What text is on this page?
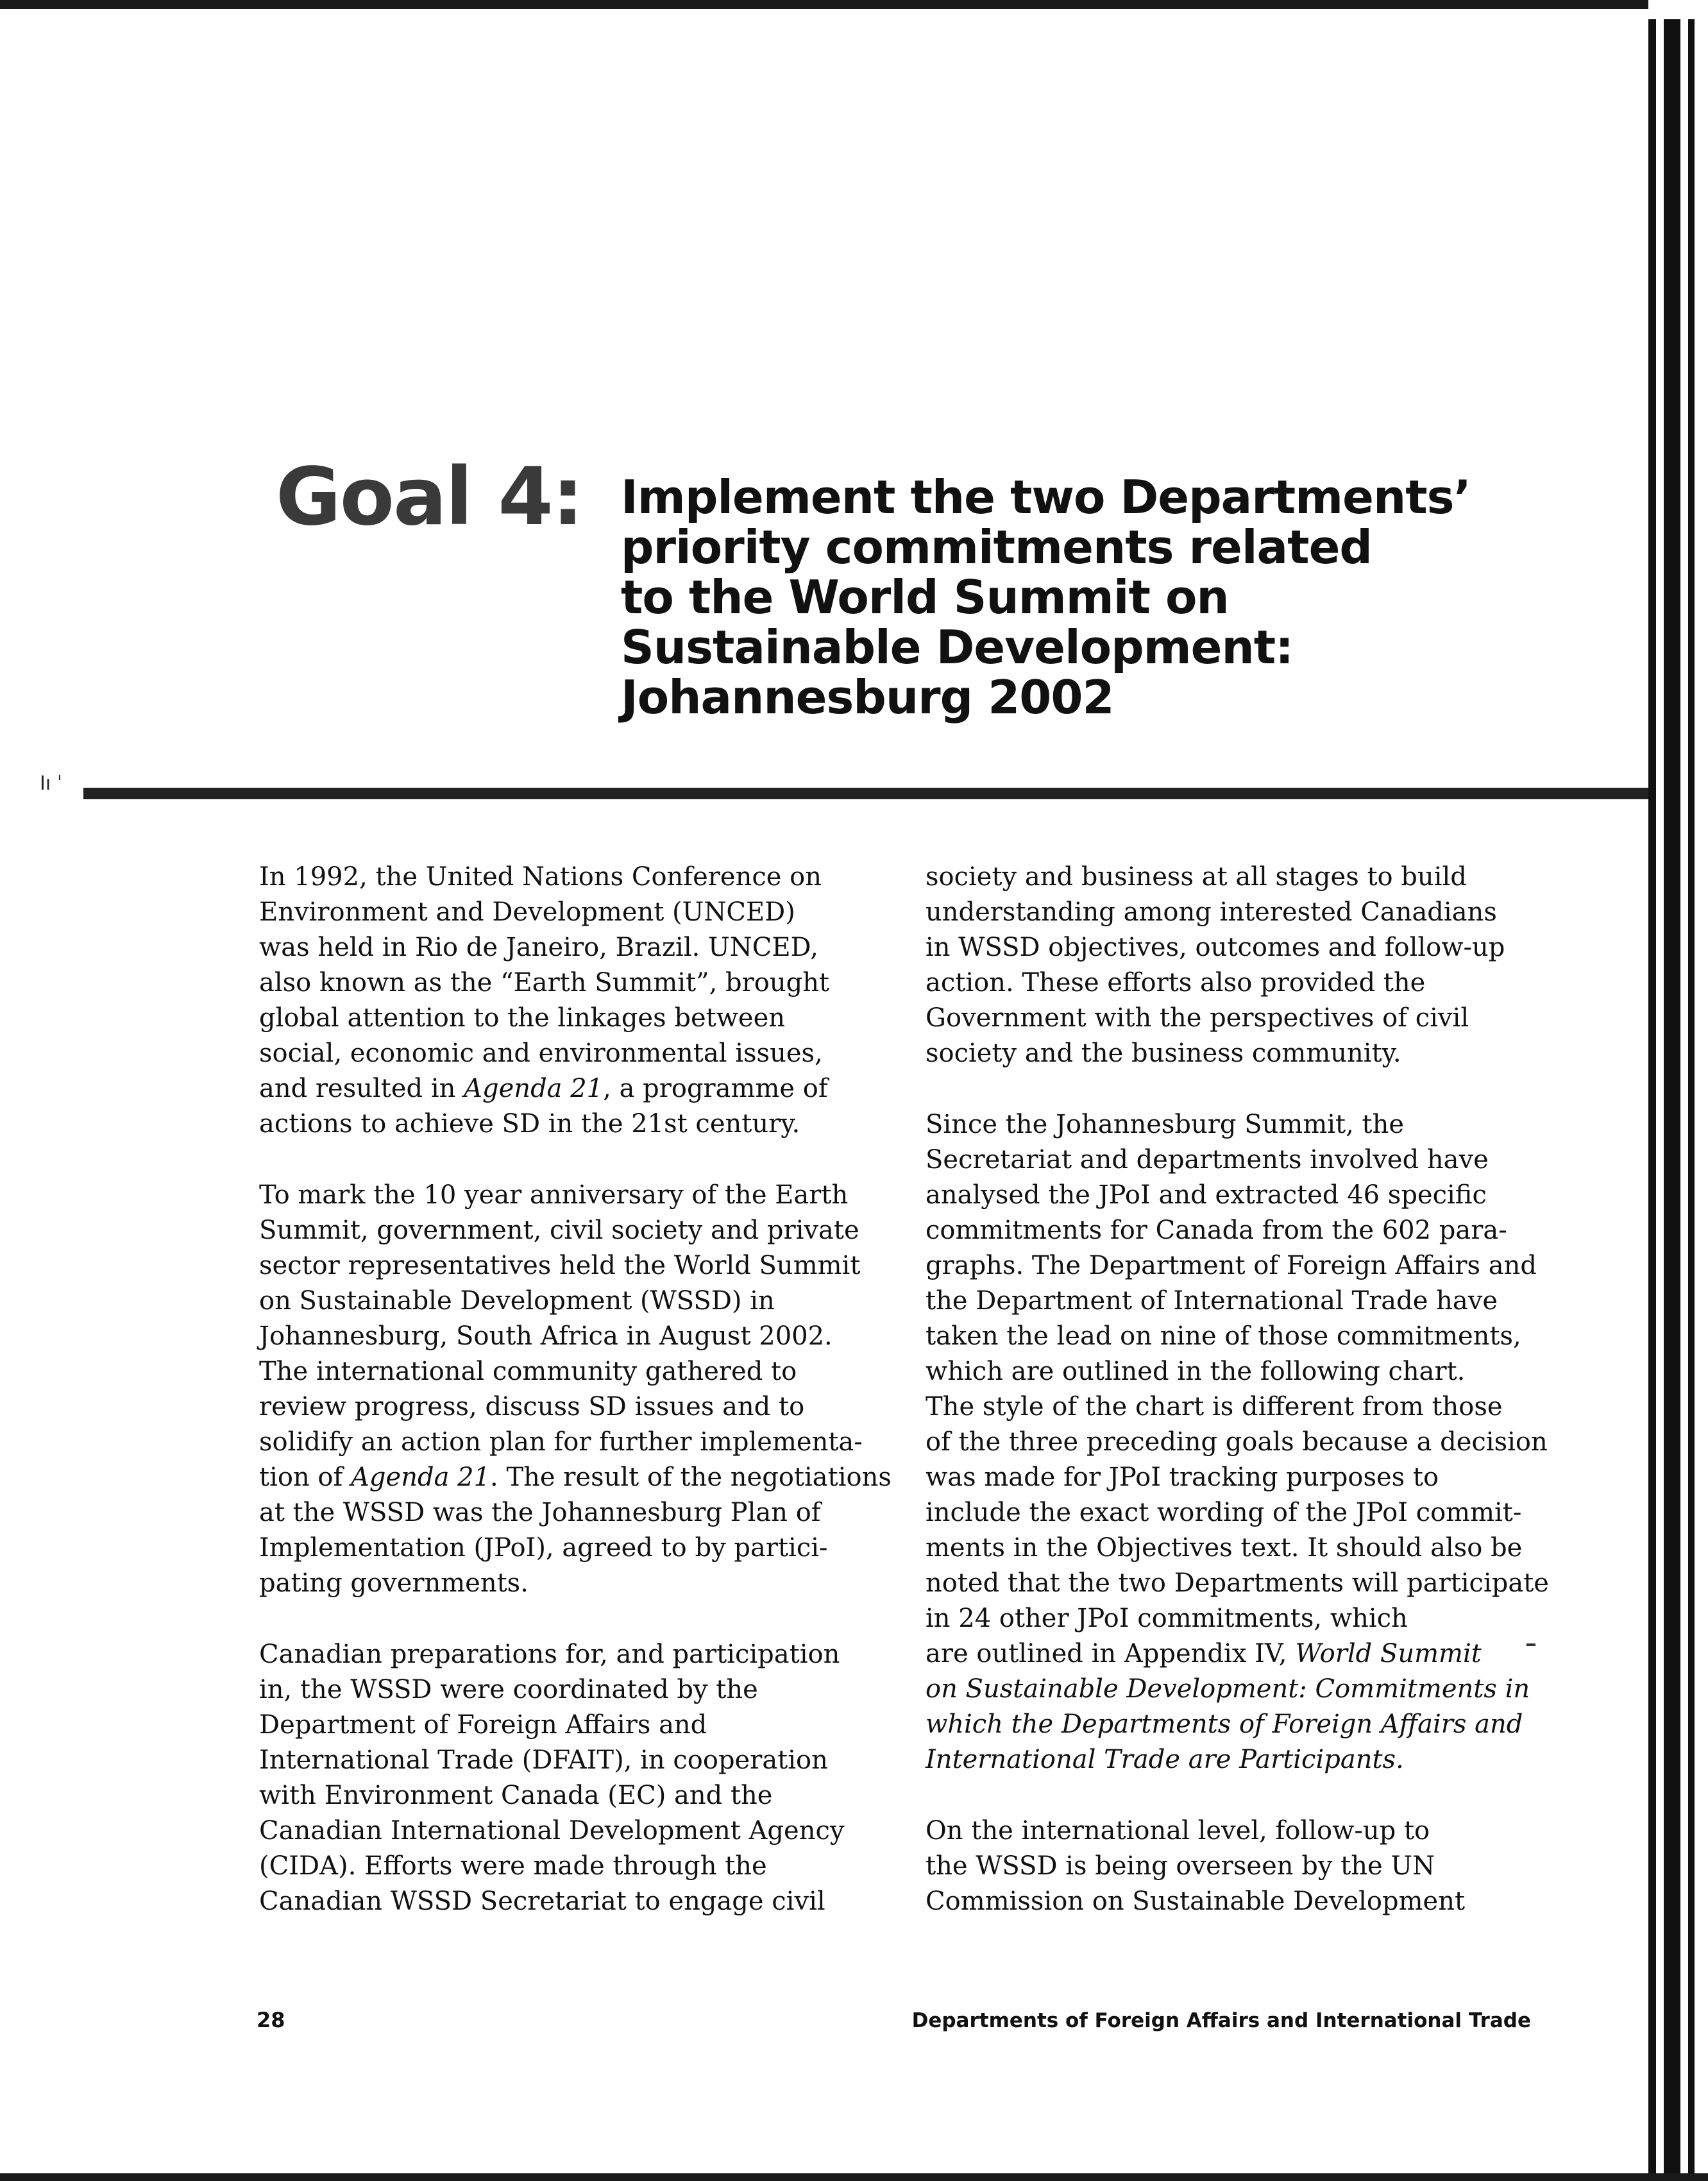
Goal 4: Implement the two Departments’
priority commitments related
to the World Summit on
Sustainable Development:
Johannesburg 2002
Iı ˈ

In 1992, the United Nations Conference on
Environment and Development (UNCED)
was held in Rio de Janeiro, Brazil. UNCED,
also known as the “Earth Summit”, brought
global attention to the linkages between
social, economic and environmental issues,
and resulted in Agenda 21, a programme of
actions to achieve SD in the 21st century.

To mark the 10 year anniversary of the Earth
Summit, government, civil society and private
sector representatives held the World Summit
on Sustainable Development (WSSD) in
Johannesburg, South Africa in August 2002.
The international community gathered to
review progress, discuss SD issues and to
solidify an action plan for further implementa-
tion of Agenda 21. The result of the negotiations
at the WSSD was the Johannesburg Plan of
Implementation (JPoI), agreed to by partici-
pating governments.

Canadian preparations for, and participation
in, the WSSD were coordinated by the
Department of Foreign Affairs and
International Trade (DFAIT), in cooperation
with Environment Canada (EC) and the
Canadian International Development Agency
(CIDA). Efforts were made through the
Canadian WSSD Secretariat to engage civil

society and business at all stages to build
understanding among interested Canadians
in WSSD objectives, outcomes and follow-up
action. These efforts also provided the
Government with the perspectives of civil
society and the business community.

Since the Johannesburg Summit, the
Secretariat and departments involved have
analysed the JPoI and extracted 46 specific
commitments for Canada from the 602 para-
graphs. The Department of Foreign Affairs and
the Department of International Trade have
taken the lead on nine of those commitments,
which are outlined in the following chart.
The style of the chart is different from those
of the three preceding goals because a decision
was made for JPoI tracking purposes to
include the exact wording of the JPoI commit-
ments in the Objectives text. It should also be
noted that the two Departments will participate
in 24 other JPoI commitments, which
are outlined in Appendix IV, World Summit
on Sustainable Development: Commitments in
which the Departments of Foreign Affairs and
International Trade are Participants.

On the international level, follow-up to
the WSSD is being overseen by the UN
Commission on Sustainable Development

28	Departments of Foreign Affairs and International Trade
